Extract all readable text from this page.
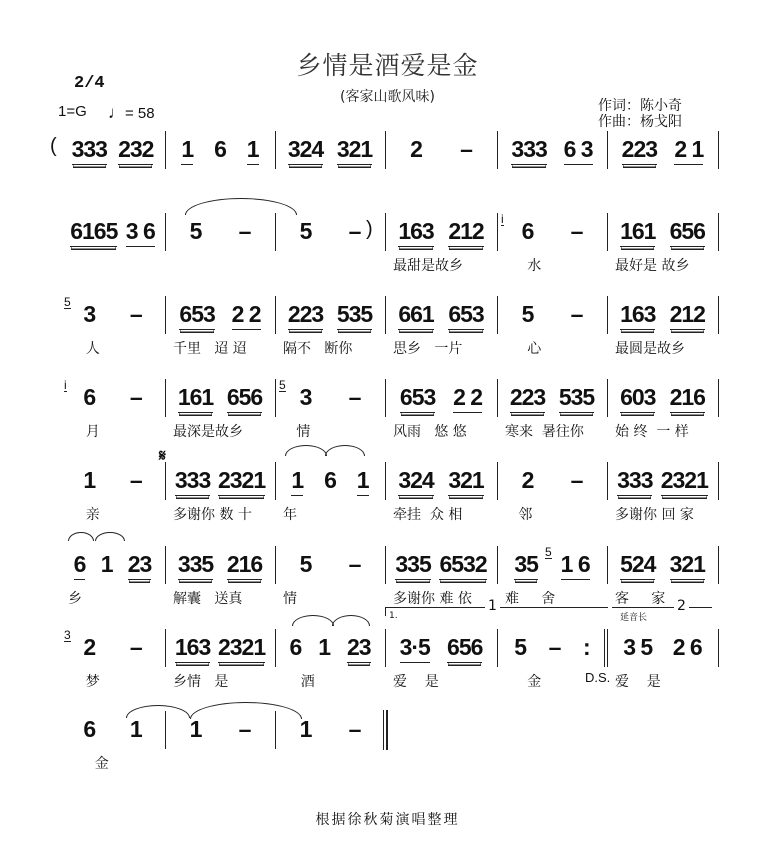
乡情是酒爱是金
(客家山歌风味)
2/4
1=G ♩= 58	作词：陈小奇
作曲：杨戈阳
333 232 1 6 1 324 321 2 – 333 6 3 223 2 1
6165 3 6 5 – 5 – 163 212
最甜是故乡
6 –
i
水
161 656
最好是 故乡
3 –
5
人
653 2 2
千里   迢 迢
223 535
隔不   断你
661 653
思乡   一片
5 –
心
163 212
最圆是故乡
6 –
i
月
161 656
最深是故乡
3 –
5
情
653 2 2
风雨   悠 悠
223 535
寒来  暑往你
603 216
始 终  一 样
1 –
亲
333 2321
𝄋
多谢你 数 十
1 6 1
年
324 321
牵挂  众 相
2 –
邻
333 2321
多谢你 回 家
6 1 23
乡
335 216
解囊   送真
5 –
情
335 6532
多谢你 难 依
35 1 6
5
难     舍
524 321
客     家
2 –
3
梦
163 2321
乡情   是
6 1 23
酒
3·5 656
爱    是
5 – :
金
3 5 2 6
爱    是
6 1
金
1 – 1 –
(
)
1.
1
延音长
2
D.S.
根据徐秋菊演唱整理
